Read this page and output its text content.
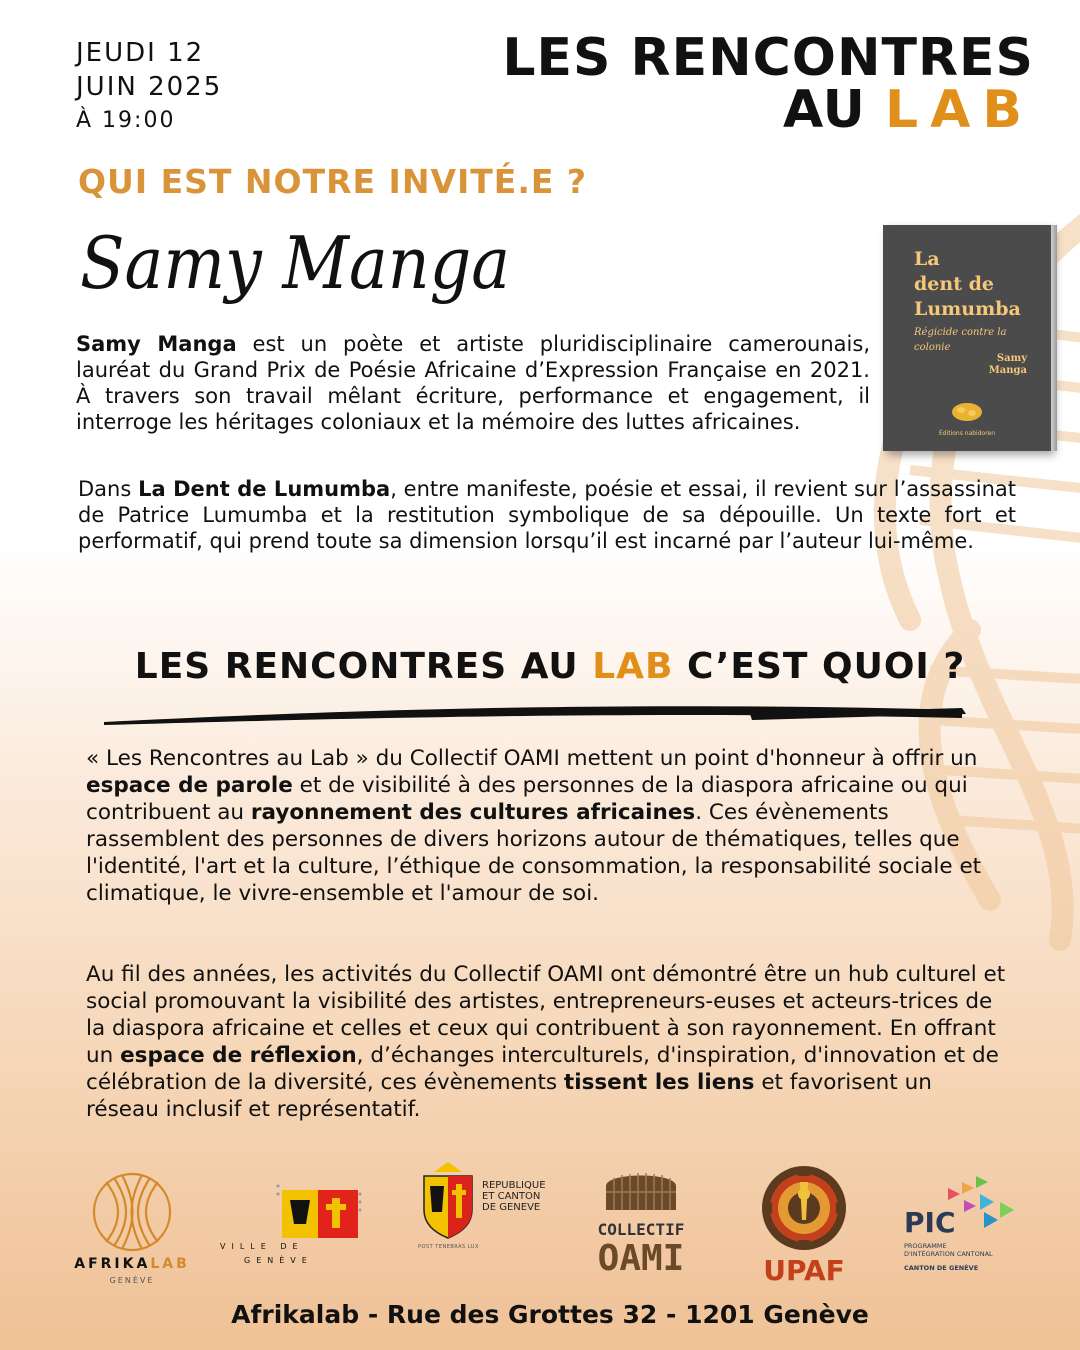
JEUDI 12
JUIN 2025
À 19:00
LES RENCONTRES
AU LAB
QUI EST NOTRE INVITÉ.E ?
Samy Manga	La
dent de
Lumumba
Régicide contre la
colonie
Samy
Manga
Éditions nabidoren

Samy Manga est un poète et artiste pluridisciplinaire camerounais, lauréat du Grand Prix de Poésie Africaine d’Expression Française en 2021. À travers son travail mêlant écriture, performance et engagement, il interroge les héritages coloniaux et la mémoire des luttes africaines.

Dans La Dent de Lumumba, entre manifeste, poésie et essai, il revient sur l’assassinat de Patrice Lumumba et la restitution symbolique de sa dépouille. Un texte fort et performatif, qui prend toute sa dimension lorsqu’il est incarné par l’auteur lui-même.

LES RENCONTRES AU LAB C’EST QUOI ?

« Les Rencontres au Lab » du Collectif OAMI mettent un point d'honneur à offrir un espace de parole et de visibilité à des personnes de la diaspora africaine ou qui contribuent au rayonnement des cultures africaines. Ces évènements rassemblent des personnes de divers horizons autour de thématiques, telles que l'identité, l'art et la culture, l’éthique de consommation, la responsabilité sociale et climatique, le vivre-ensemble et l'amour de soi.

Au fil des années, les activités du Collectif OAMI ont démontré être un hub culturel et social promouvant la visibilité des artistes, entrepreneurs-euses et acteurs-trices de la diaspora africaine et celles et ceux qui contribuent à son rayonnement. En offrant un espace de réflexion, d’échanges interculturels, d'inspiration, d'innovation et de célébration de la diversité, ces évènements tissent les liens et favorisent un réseau inclusif et représentatif.

AFRIKALAB
GENÈVE
VILLE DE
GENÈVE
REPUBLIQUE
ET CANTON
DE GENEVE
POST TENEBRAS LUX
COLLECTIF
OAMI	UPAF
PIC
PROGRAMME
D'INTÉGRATION CANTONAL
CANTON DE GENÈVE
Afrikalab - Rue des Grottes 32 - 1201 Genève
